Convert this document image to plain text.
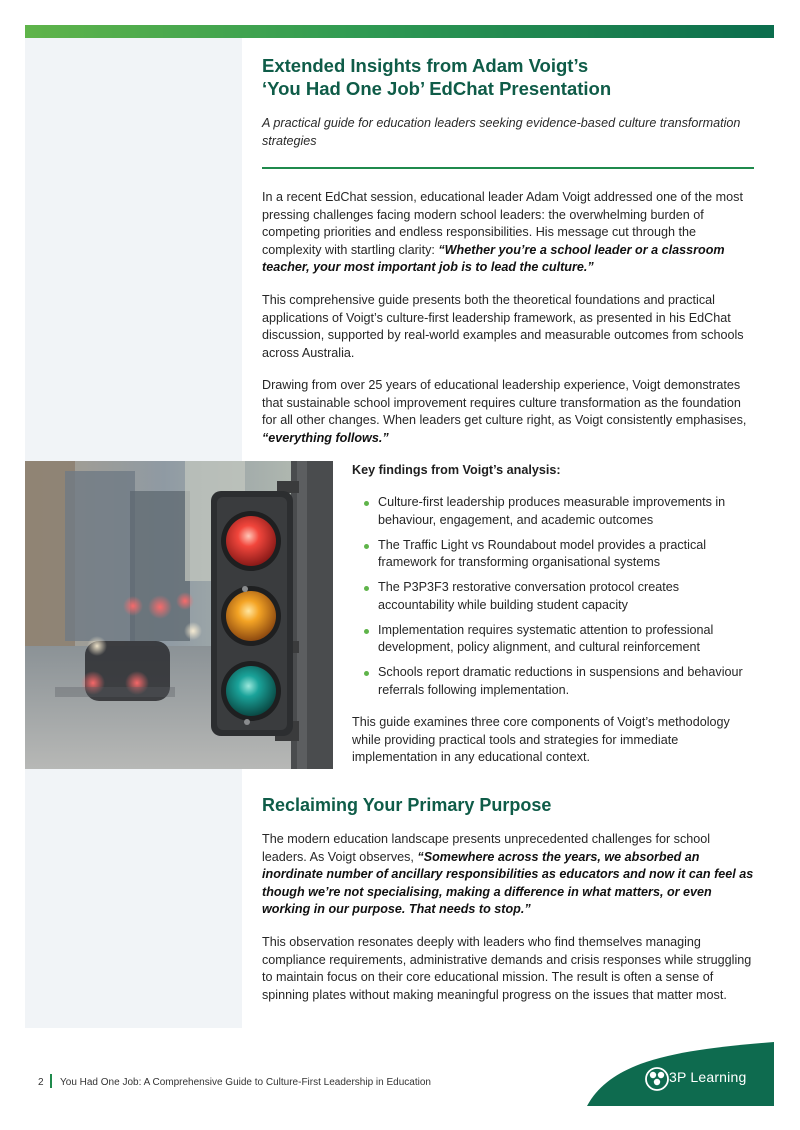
Extended Insights from Adam Voigt’s
‘You Had One Job’ EdChat Presentation

A practical guide for education leaders seeking evidence-based culture transformation strategies

In a recent EdChat session, educational leader Adam Voigt addressed one of the most pressing challenges facing modern school leaders: the overwhelming burden of competing priorities and endless responsibilities. His message cut through the complexity with startling clarity: “Whether you’re a school leader or a classroom teacher, your most important job is to lead the culture.”

This comprehensive guide presents both the theoretical foundations and practical applications of Voigt’s culture-first leadership framework, as presented in his EdChat discussion, supported by real-world examples and measurable outcomes from schools across Australia.

Drawing from over 25 years of educational leadership experience, Voigt demonstrates that sustainable school improvement requires culture transformation as the foundation for all other changes. When leaders get culture right, as Voigt consistently emphasises, “everything follows.”

Key findings from Voigt’s analysis:

Culture-first leadership produces measurable improvements in behaviour, engagement, and academic outcomes
The Traffic Light vs Roundabout model provides a practical framework for transforming organisational systems
The P3P3F3 restorative conversation protocol creates accountability while building student capacity
Implementation requires systematic attention to professional development, policy alignment, and cultural reinforcement
Schools report dramatic reductions in suspensions and behaviour referrals following implementation.

This guide examines three core components of Voigt’s methodology while providing practical tools and strategies for immediate implementation in any educational context.

Reclaiming Your Primary Purpose

The modern education landscape presents unprecedented challenges for school leaders. As Voigt observes, “Somewhere across the years, we absorbed an inordinate number of ancillary responsibilities as educators and now it can feel as though we’re not specialising, making a difference in what matters, or even working in our purpose. That needs to stop.”

This observation resonates deeply with leaders who find themselves managing compliance requirements, administrative demands and crisis responses while struggling to maintain focus on their core educational mission. The result is often a sense of spinning plates without making meaningful progress on the issues that matter most.

2 You Had One Job: A Comprehensive Guide to Culture-First Leadership in Education	3P Learning
